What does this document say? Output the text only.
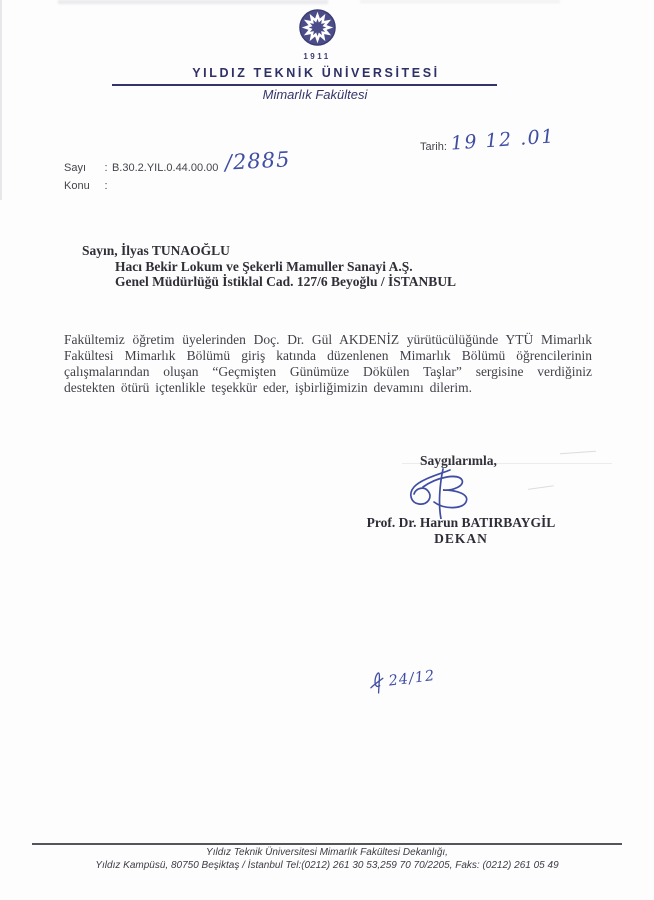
1911
YILDIZ TEKNİK ÜNİVERSİTESİ
Mimarlık Fakültesi
Tarih: 19 12 .01
Sayı : B.30.2.YIL.0.44.00.00 /2885
Konu :
Sayın, İlyas TUNAOĞLU
Hacı Bekir Lokum ve Şekerli Mamuller Sanayi A.Ş.
Genel Müdürlüğü İstiklal Cad. 127/6 Beyoğlu / İSTANBUL
Fakültemiz öğretim üyelerinden Doç. Dr. Gül AKDENİZ yürütücülüğünde YTÜ Mimarlık Fakültesi Mimarlık Bölümü giriş katında düzenlenen Mimarlık Bölümü öğrencilerinin çalışmalarından oluşan “Geçmişten Günümüze Dökülen Taşlar” sergisine verdiğiniz destekten ötürü içtenlikle teşekkür eder, işbirliğimizin devamını dilerim.
Saygılarımla,
Prof. Dr. Harun BATIRBAYGİL
DEKAN
24/12
Yıldız Teknik Üniversitesi Mimarlık Fakültesi Dekanlığı,
Yıldız Kampüsü, 80750 Beşiktaş / İstanbul Tel:(0212) 261 30 53,259 70 70/2205, Faks: (0212) 261 05 49
